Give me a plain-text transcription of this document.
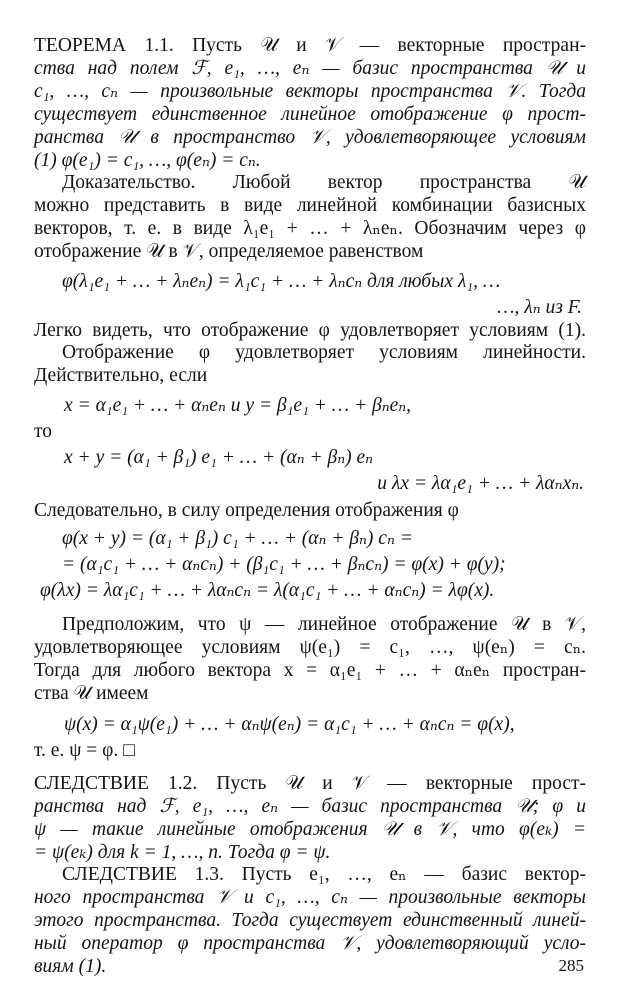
ТЕОРЕМА 1.1. Пусть 𝒰 и 𝒱 — векторные простран-
ства над полем ℱ, e₁, …, eₙ — базис пространства 𝒰 и
c₁, …, cₙ — произвольные векторы пространства 𝒱. Тогда
существует единственное линейное отображение φ прост-
ранства 𝒰 в пространство 𝒱, удовлетворяющее условиям
(1) φ(e₁) = c₁, …, φ(eₙ) = cₙ.
Доказательство. Любой вектор пространства 𝒰
можно представить в виде линейной комбинации базисных
векторов, т. е. в виде λ₁e₁ + … + λₙeₙ. Обозначим через φ
отображение 𝒰 в 𝒱, определяемое равенством
φ(λ₁e₁ + … + λₙeₙ) = λ₁c₁ + … + λₙcₙ для любых λ₁, …
…, λₙ из F.
Легко видеть, что отображение φ удовлетворяет условиям (1).
Отображение φ удовлетворяет условиям линейности.
Действительно, если
x = α₁e₁ + … + αₙeₙ и y = β₁e₁ + … + βₙeₙ,
то
x + y = (α₁ + β₁) e₁ + … + (αₙ + βₙ) eₙ
и λx = λα₁e₁ + … + λαₙxₙ.
Следовательно, в силу определения отображения φ
φ(x + y) = (α₁ + β₁) c₁ + … + (αₙ + βₙ) cₙ =
= (α₁c₁ + … + αₙcₙ) + (β₁c₁ + … + βₙcₙ) = φ(x) + φ(y);
φ(λx) = λα₁c₁ + … + λαₙcₙ = λ(α₁c₁ + … + αₙcₙ) = λφ(x).
Предположим, что ψ — линейное отображение 𝒰 в 𝒱,
удовлетворяющее условиям ψ(e₁) = c₁, …, ψ(eₙ) = cₙ.
Тогда для любого вектора x = α₁e₁ + … + αₙeₙ простран-
ства 𝒰 имеем
ψ(x) = α₁ψ(e₁) + … + αₙψ(eₙ) = α₁c₁ + … + αₙcₙ = φ(x),
т. е. ψ = φ. □
СЛЕДСТВИЕ 1.2. Пусть 𝒰 и 𝒱 — векторные прост-
ранства над ℱ, e₁, …, eₙ — базис пространства 𝒰; φ и
ψ — такие линейные отображения 𝒰 в 𝒱, что φ(eₖ) =
= ψ(eₖ) для k = 1, …, n. Тогда φ = ψ.
СЛЕДСТВИЕ 1.3. Пусть e₁, …, eₙ — базис вектор-
ного пространства 𝒱 и c₁, …, cₙ — произвольные векторы
этого пространства. Тогда существует единственный линей-
ный оператор φ пространства 𝒱, удовлетворяющий усло-
виям (1).	285
